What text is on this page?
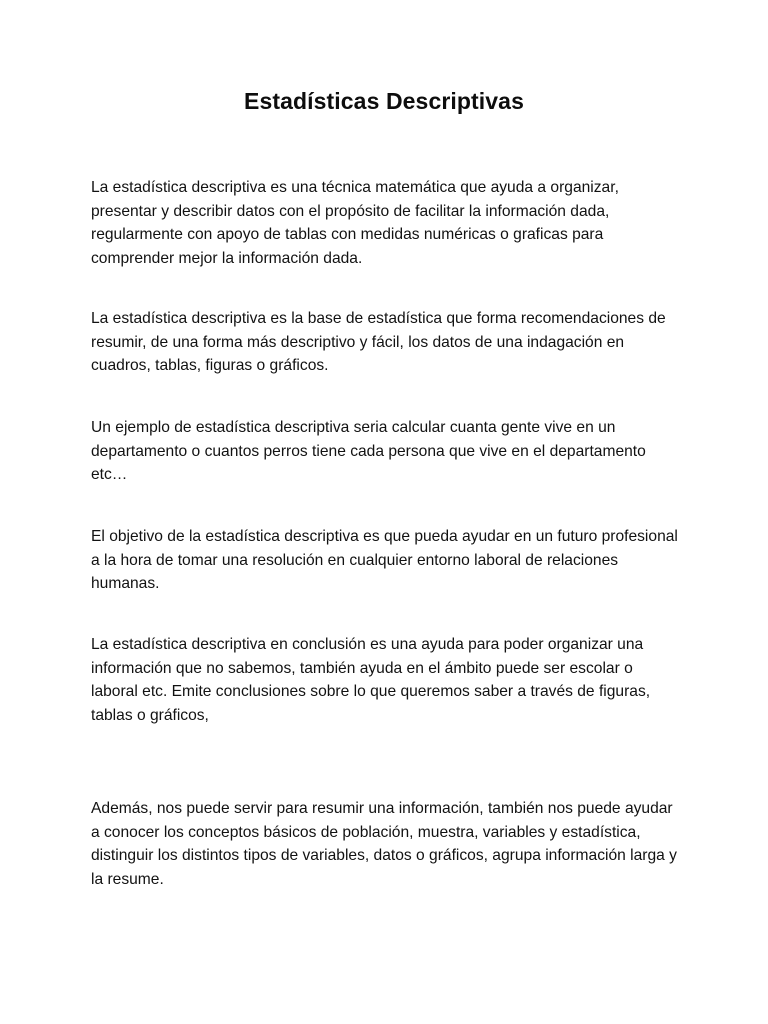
Estadísticas Descriptivas

La estadística descriptiva es una técnica matemática que ayuda a organizar, presentar y describir datos con el propósito de facilitar la información dada, regularmente con apoyo de tablas con medidas numéricas o graficas para comprender mejor la información dada.

La estadística descriptiva es la base de estadística que forma recomendaciones de resumir, de una forma más descriptivo y fácil, los datos de una indagación en cuadros, tablas, figuras o gráficos.

Un ejemplo de estadística descriptiva seria calcular cuanta gente vive en un departamento o cuantos perros tiene cada persona que vive en el departamento etc…

El objetivo de la estadística descriptiva es que pueda ayudar en un futuro profesional a la hora de tomar una resolución en cualquier entorno laboral de relaciones humanas.

La estadística descriptiva en conclusión es una ayuda para poder organizar una información que no sabemos, también ayuda en el ámbito puede ser escolar o laboral etc. Emite conclusiones sobre lo que queremos saber a través de figuras, tablas o gráficos,

Además, nos puede servir para resumir una información, también nos puede ayudar a conocer los conceptos básicos de población, muestra, variables y estadística, distinguir los distintos tipos de variables, datos o gráficos, agrupa información larga y la resume.
